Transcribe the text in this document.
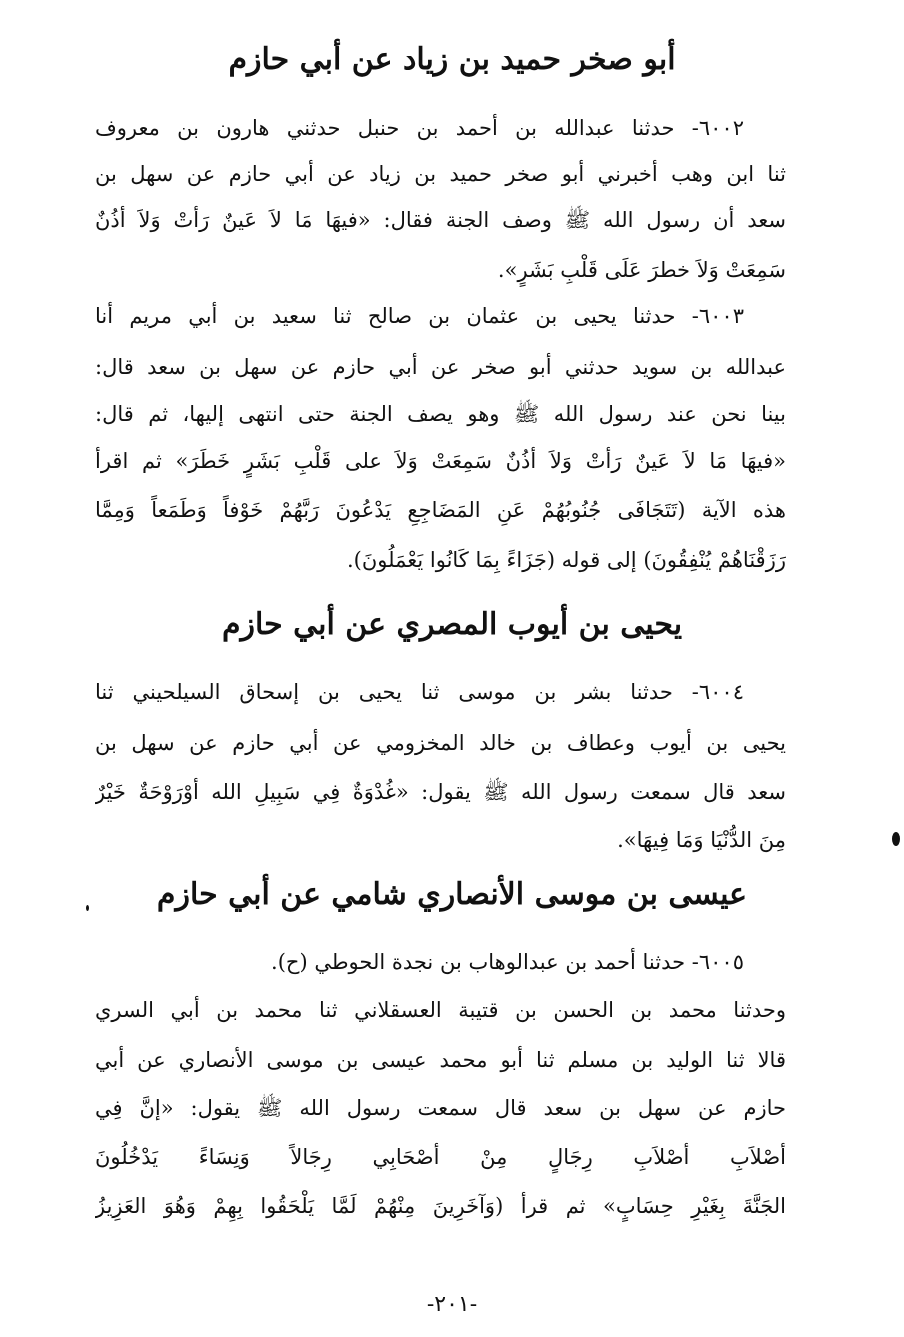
أبو صخر حميد بن زياد عن أبي حازم
٦٠٠٢- حدثنا عبدالله بن أحمد بن حنبل حدثني هارون بن معروف
ثنا ابن وهب أخبرني أبو صخر حميد بن زياد عن أبي حازم عن سهل بن
سعد أن رسول الله ﷺ وصف الجنة فقال: «فيهَا مَا لاَ عَينٌ رَأتْ وَلاَ أذُنٌ
سَمِعَتْ وَلاَ خطرَ عَلَى قَلْبِ بَشَرٍ».
٦٠٠٣- حدثنا يحيى بن عثمان بن صالح ثنا سعيد بن أبي مريم أنا
عبدالله بن سويد حدثني أبو صخر عن أبي حازم عن سهل بن سعد قال:
بينا نحن عند رسول الله ﷺ وهو يصف الجنة حتى انتهى إليها، ثم قال:
«فيهَا مَا لاَ عَينٌ رَأتْ وَلاَ أذُنٌ سَمِعَتْ وَلاَ على قَلْبِ بَشَرٍ خَطَرَ» ثم اقرأ
هذه الآية (تَتَجَافَى جُنُوبُهُمْ عَنِ المَضَاجِعِ يَدْعُونَ رَبَّهُمْ خَوْفاً وَطَمَعاً وَمِمَّا
رَزَقْنَاهُمْ يُنْفِقُونَ) إلى قوله (جَزَاءً بِمَا كَانُوا يَعْمَلُونَ).
يحيى بن أيوب المصري عن أبي حازم
٦٠٠٤- حدثنا بشر بن موسى ثنا يحيى بن إسحاق السيلحيني ثنا
يحيى بن أيوب وعطاف بن خالد المخزومي عن أبي حازم عن سهل بن
سعد قال سمعت رسول الله ﷺ يقول: «غُدْوَةٌ فِي سَبِيلِ الله أوْرَوْحَةٌ خَيْرٌ
مِنَ الدُّنْيَا وَمَا فِيهَا».
عيسى بن موسى الأنصاري شامي عن أبي حازم
٦٠٠٥- حدثنا أحمد بن عبدالوهاب بن نجدة الحوطي (ح).
وحدثنا محمد بن الحسن بن قتيبة العسقلاني ثنا محمد بن أبي السري
قالا ثنا الوليد بن مسلم ثنا أبو محمد عيسى بن موسى الأنصاري عن أبي
حازم عن سهل بن سعد قال سمعت رسول الله ﷺ يقول: «إنَّ فِي
أصْلاَبِ أصْلاَبِ رِجَالٍ مِنْ أصْحَابِي رِجَالاً وَنِسَاءً يَدْخُلُونَ
الجَنَّةَ بِغَيْرِ حِسَابٍ» ثم قرأ (وَآخَرِينَ مِنْهُمْ لَمَّا يَلْحَقُوا بِهِمْ وَهُوَ العَزِيزُ
-٢٠١-
